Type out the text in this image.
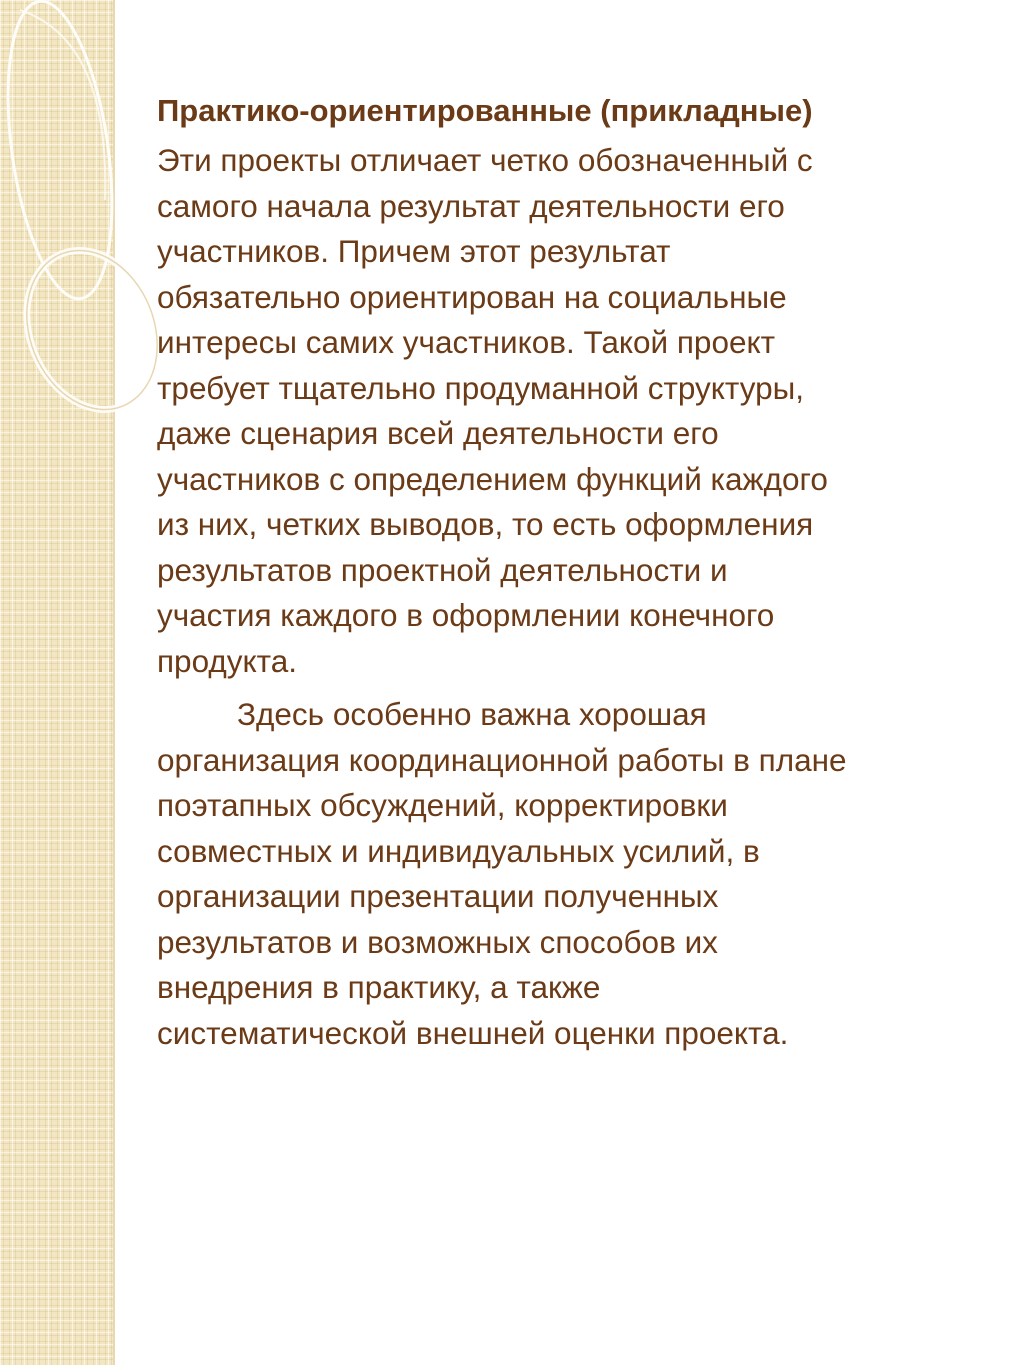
Практико-ориентированные (прикладные)

Эти проекты отличает четко обозначенный с
самого начала результат деятельности его
участников. Причем этот результат
обязательно ориентирован на социальные
интересы самих участников. Такой проект
требует тщательно продуманной структуры,
даже сценария всей деятельности его
участников с определением функций каждого
из них, четких выводов, то есть оформления
результатов проектной деятельности и
участия каждого в оформлении конечного
продукта.

Здесь особенно важна хорошая
организация координационной работы в плане
поэтапных обсуждений, корректировки
совместных и индивидуальных усилий, в
организации презентации полученных
результатов и возможных способов их
внедрения в практику, а также
систематической внешней оценки проекта.
